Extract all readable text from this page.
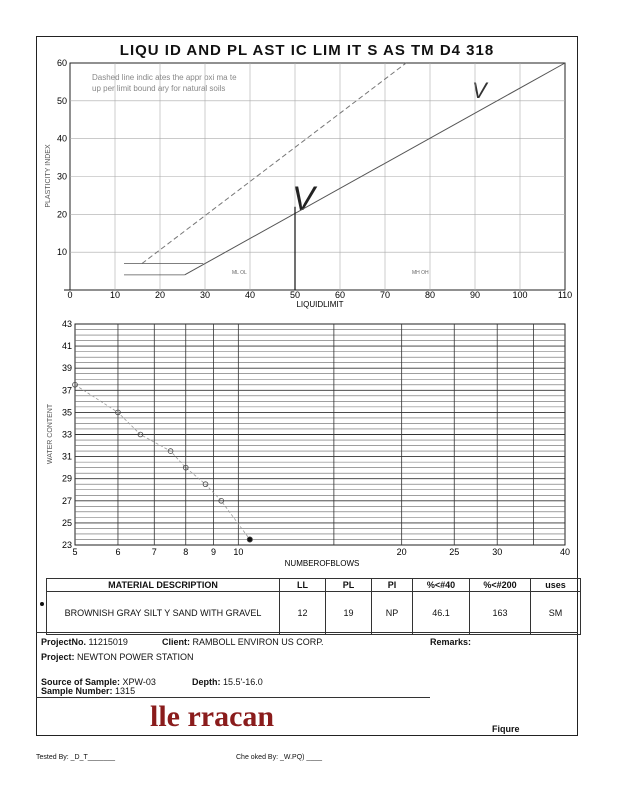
LIQU ID AND PL AST IC LIM IT S AS TM D4 318
Dashed line indic ates the appr oxi ma te
up per limit bound ary for natural soils
ML OL	MH OH
V
V
LIQUIDLIMIT
0	10	20	30	40	50	60	70	80	90	100	110
60
50
40
30
20
10
PLASTICITY INDEX
NUMBEROFBLOWS
43
41
39
37
35
33
31
29
27
25
23
5	6	7	8	9 10	20	25	30	40
WATER CONTENT
MATERIAL DESCRIPTION	LL	PL	PI	%<#40	%<#200	uses
BROWNISH GRAY SILT Y SAND WITH GRAVEL	12	19	NP	46.1	163	SM
ProjectNo. 11215019	Client: RAMBOLL ENVIRON US CORP.	Remarks:
Project: NEWTON POWER STATION
Source of Sample: XPW-03	Depth: 15.5'-16.0
Sample Number: 1315
lle rracan	Fiqure
Tested By: _D_T_______	Che oked By: _W.PQ) ____
